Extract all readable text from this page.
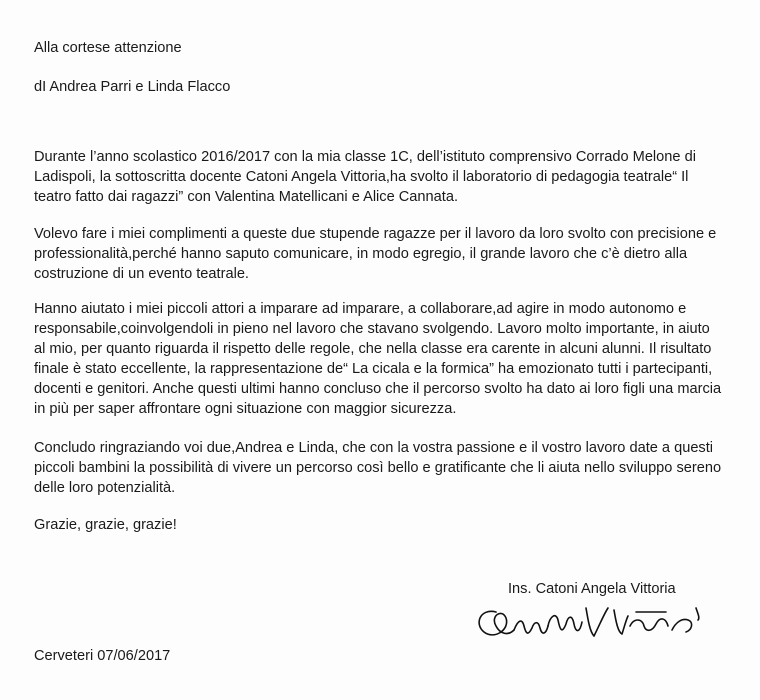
Alla cortese attenzione
dI Andrea Parri e Linda Flacco
Durante l’anno scolastico 2016/2017 con la mia classe 1C, dell’istituto comprensivo Corrado Melone di
Ladispoli, la sottoscritta docente Catoni Angela Vittoria,ha svolto il laboratorio di pedagogia teatrale“ Il
teatro fatto dai ragazzi” con Valentina Matellicani e Alice Cannata.
Volevo fare i miei complimenti a queste due stupende ragazze per il lavoro da loro svolto con precisione e
professionalità,perché hanno saputo comunicare, in modo egregio, il grande lavoro che c’è dietro alla
costruzione di un evento teatrale.
Hanno aiutato i miei piccoli attori a imparare ad imparare, a collaborare,ad agire in modo autonomo e
responsabile,coinvolgendoli in pieno nel lavoro che stavano svolgendo. Lavoro molto importante, in aiuto
al mio, per quanto riguarda il rispetto delle regole, che nella classe era carente in alcuni alunni. Il risultato
finale è stato eccellente, la rappresentazione de“ La cicala e la formica” ha emozionato tutti i partecipanti,
docenti e genitori. Anche questi ultimi hanno concluso che il percorso svolto ha dato ai loro figli una marcia
in più per saper affrontare ogni situazione con maggior sicurezza.
Concludo ringraziando voi due,Andrea e Linda, che con la vostra passione e il vostro lavoro date a questi
piccoli bambini la possibilità di vivere un percorso così bello e gratificante che li aiuta nello sviluppo sereno
delle loro potenzialità.
Grazie, grazie, grazie!
Ins. Catoni Angela Vittoria
Cerveteri 07/06/2017
